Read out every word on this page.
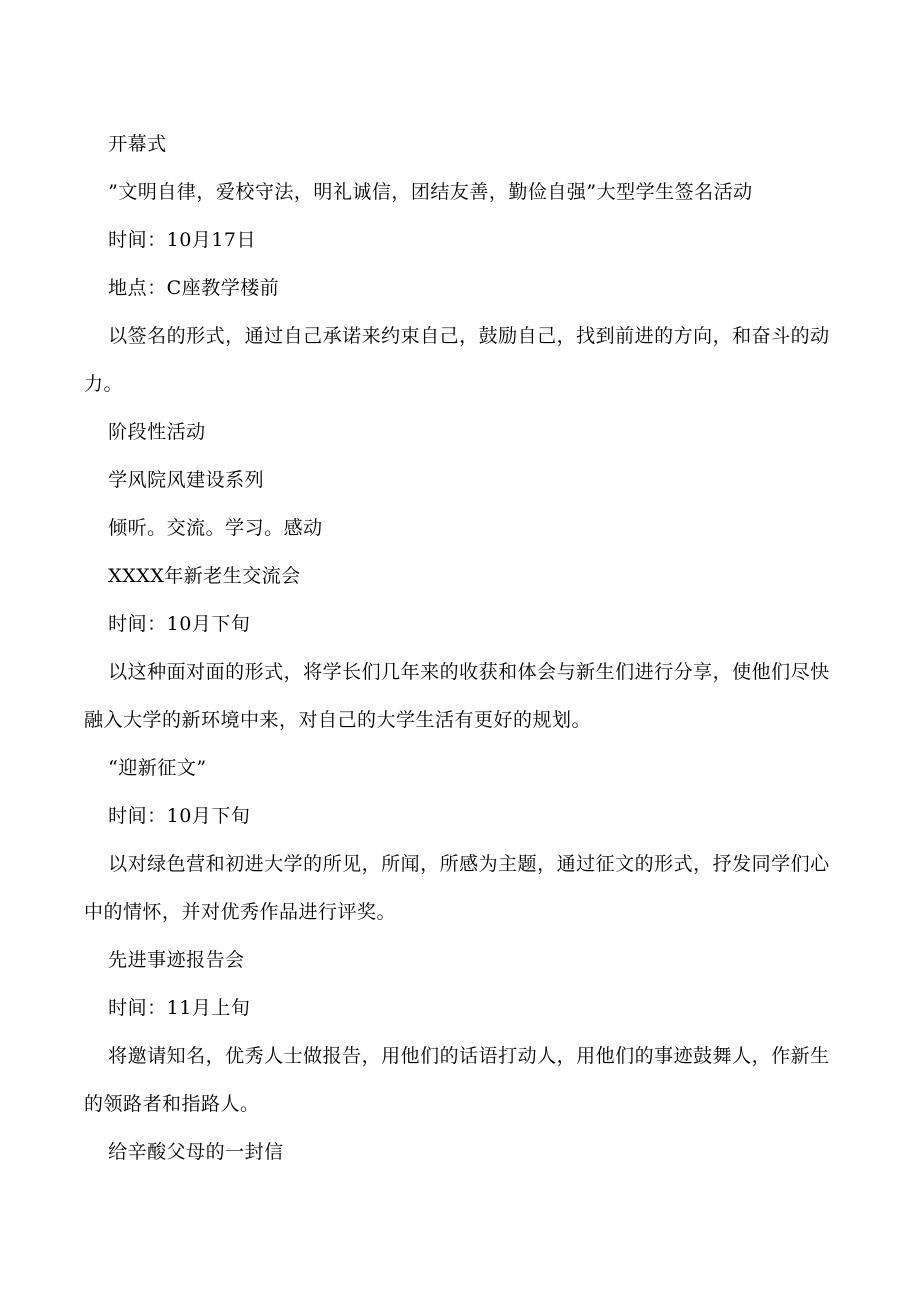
开幕式

”文明自律，爱校守法，明礼诚信，团结友善，勤俭自强”大型学生签名活动

时间：10月17日

地点：C座教学楼前

以签名的形式，通过自己承诺来约束自己，鼓励自己，找到前进的方向，和奋斗的动力。

阶段性活动

学风院风建设系列

倾听。交流。学习。感动

XXXX年新老生交流会

时间：10月下旬

以这种面对面的形式，将学长们几年来的收获和体会与新生们进行分享，使他们尽快融入大学的新环境中来，对自己的大学生活有更好的规划。

“迎新征文”

时间：10月下旬

以对绿色营和初进大学的所见，所闻，所感为主题，通过征文的形式，抒发同学们心中的情怀，并对优秀作品进行评奖。

先进事迹报告会

时间：11月上旬

将邀请知名，优秀人士做报告，用他们的话语打动人，用他们的事迹鼓舞人，作新生的领路者和指路人。

给辛酸父母的一封信
